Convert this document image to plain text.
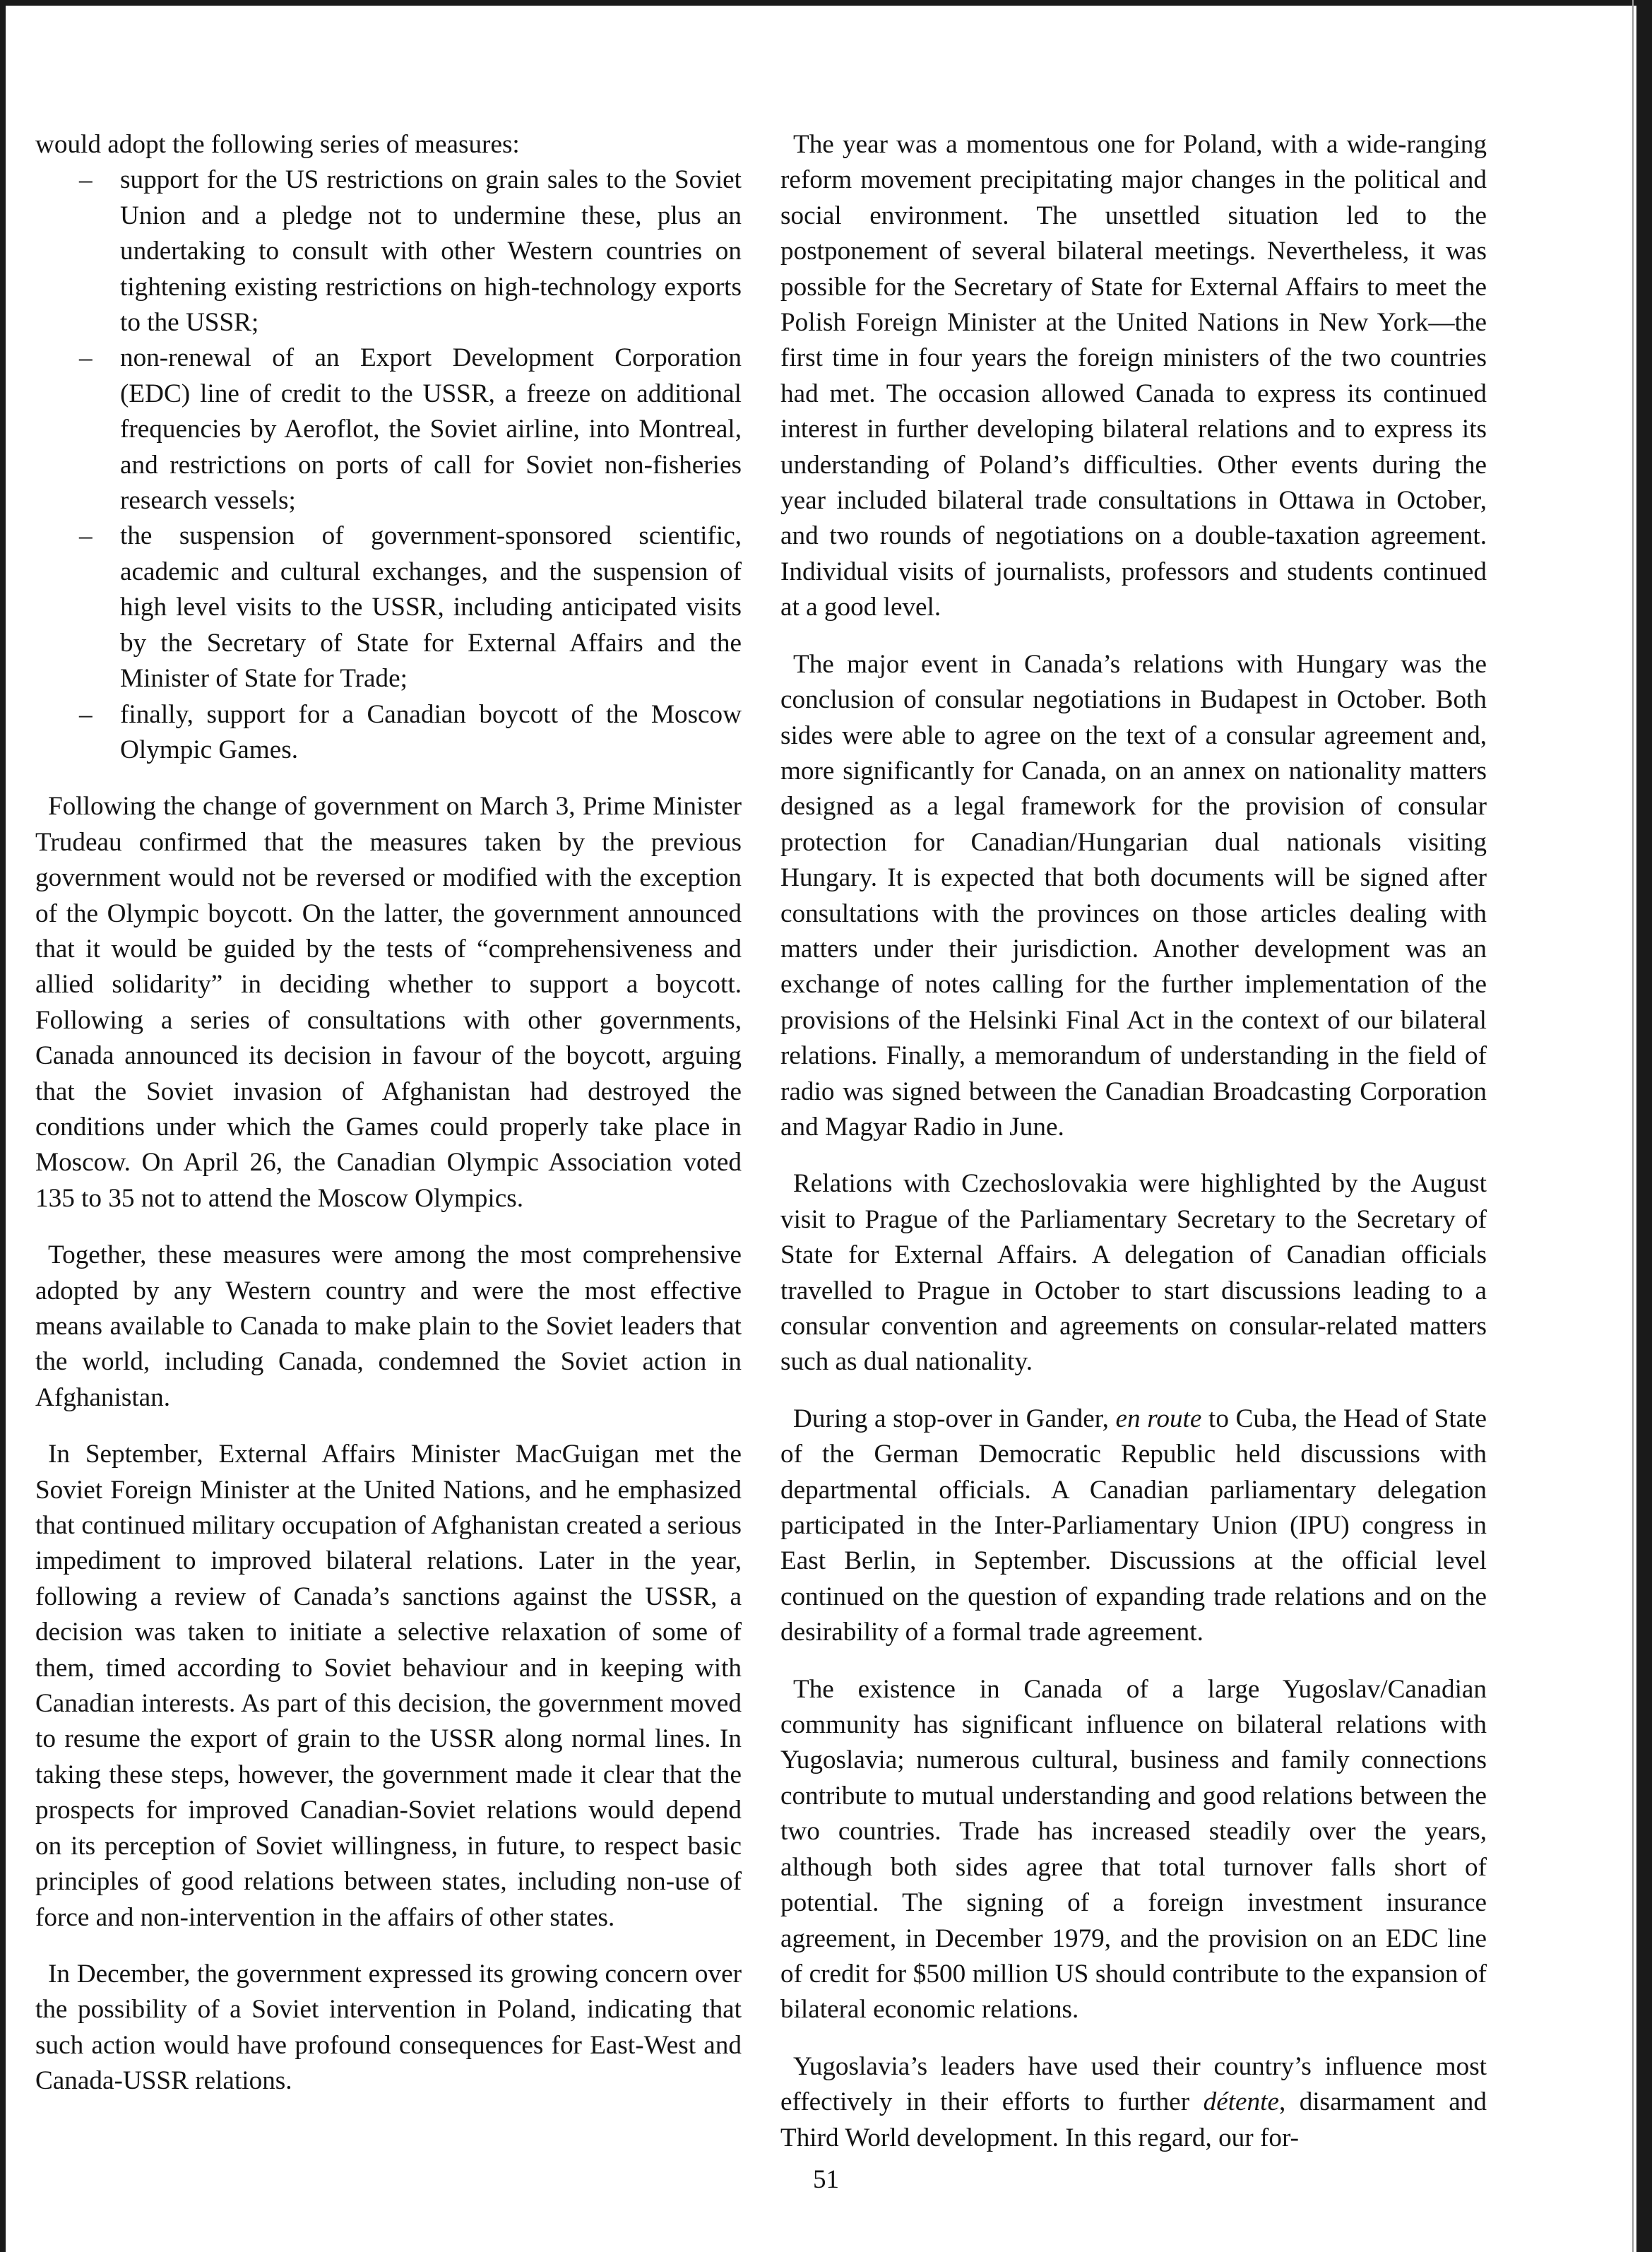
would adopt the following series of measures:

– support for the US restrictions on grain sales to the Soviet Union and a pledge not to undermine these, plus an undertaking to consult with other Western countries on tightening existing restrictions on high-technology exports to the USSR;
– non-renewal of an Export Development Corporation (EDC) line of credit to the USSR, a freeze on additional frequencies by Aeroflot, the Soviet airline, into Montreal, and restrictions on ports of call for Soviet non-fisheries research vessels;
– the suspension of government-sponsored scientific, academic and cultural exchanges, and the suspension of high level visits to the USSR, including anticipated visits by the Secretary of State for External Affairs and the Minister of State for Trade;
– finally, support for a Canadian boycott of the Moscow Olympic Games.

Following the change of government on March 3, Prime Minister Trudeau confirmed that the measures taken by the previous government would not be reversed or modified with the exception of the Olympic boycott. On the latter, the government announced that it would be guided by the tests of “comprehensiveness and allied solidarity” in deciding whether to support a boycott. Following a series of consultations with other governments, Canada announced its decision in favour of the boycott, arguing that the Soviet invasion of Afghanistan had destroyed the conditions under which the Games could properly take place in Moscow. On April 26, the Canadian Olympic Association voted 135 to 35 not to attend the Moscow Olympics.

Together, these measures were among the most comprehensive adopted by any Western country and were the most effective means available to Canada to make plain to the Soviet leaders that the world, including Canada, condemned the Soviet action in Afghanistan.

In September, External Affairs Minister MacGuigan met the Soviet Foreign Minister at the United Nations, and he emphasized that continued military occupation of Afghanistan created a serious impediment to improved bilateral relations. Later in the year, following a review of Canada’s sanctions against the USSR, a decision was taken to initiate a selective relaxation of some of them, timed according to Soviet behaviour and in keeping with Canadian interests. As part of this decision, the government moved to resume the export of grain to the USSR along normal lines. In taking these steps, however, the government made it clear that the prospects for improved Canadian-Soviet relations would depend on its perception of Soviet willingness, in future, to respect basic principles of good relations between states, including non-use of force and non-intervention in the affairs of other states.

In December, the government expressed its growing concern over the possibility of a Soviet intervention in Poland, indicating that such action would have profound consequences for East-West and Canada-USSR relations.

The year was a momentous one for Poland, with a wide-ranging reform movement precipitating major changes in the political and social environment. The unsettled situation led to the postponement of several bilateral meetings. Nevertheless, it was possible for the Secretary of State for External Affairs to meet the Polish Foreign Minister at the United Nations in New York—the first time in four years the foreign ministers of the two countries had met. The occasion allowed Canada to express its continued interest in further developing bilateral relations and to express its understanding of Poland’s difficulties. Other events during the year included bilateral trade consultations in Ottawa in October, and two rounds of negotiations on a double-taxation agreement. Individual visits of journalists, professors and students continued at a good level.

The major event in Canada’s relations with Hungary was the conclusion of consular negotiations in Budapest in October. Both sides were able to agree on the text of a consular agreement and, more significantly for Canada, on an annex on nationality matters designed as a legal framework for the provision of consular protection for Canadian/Hungarian dual nationals visiting Hungary. It is expected that both documents will be signed after consultations with the provinces on those articles dealing with matters under their jurisdiction. Another development was an exchange of notes calling for the further implementation of the provisions of the Helsinki Final Act in the context of our bilateral relations. Finally, a memorandum of understanding in the field of radio was signed between the Canadian Broadcasting Corporation and Magyar Radio in June.

Relations with Czechoslovakia were highlighted by the August visit to Prague of the Parliamentary Secretary to the Secretary of State for External Affairs. A delegation of Canadian officials travelled to Prague in October to start discussions leading to a consular convention and agreements on consular-related matters such as dual nationality.

During a stop-over in Gander, en route to Cuba, the Head of State of the German Democratic Republic held discussions with departmental officials. A Canadian parliamentary delegation participated in the Inter-Parliamentary Union (IPU) congress in East Berlin, in September. Discussions at the official level continued on the question of expanding trade relations and on the desirability of a formal trade agreement.

The existence in Canada of a large Yugoslav/Canadian community has significant influence on bilateral relations with Yugoslavia; numerous cultural, business and family connections contribute to mutual understanding and good relations between the two countries. Trade has increased steadily over the years, although both sides agree that total turnover falls short of potential. The signing of a foreign investment insurance agreement, in December 1979, and the provision on an EDC line of credit for $500 million US should contribute to the expansion of bilateral economic relations.

Yugoslavia’s leaders have used their country’s influence most effectively in their efforts to further détente, disarmament and Third World development. In this regard, our for-

51
